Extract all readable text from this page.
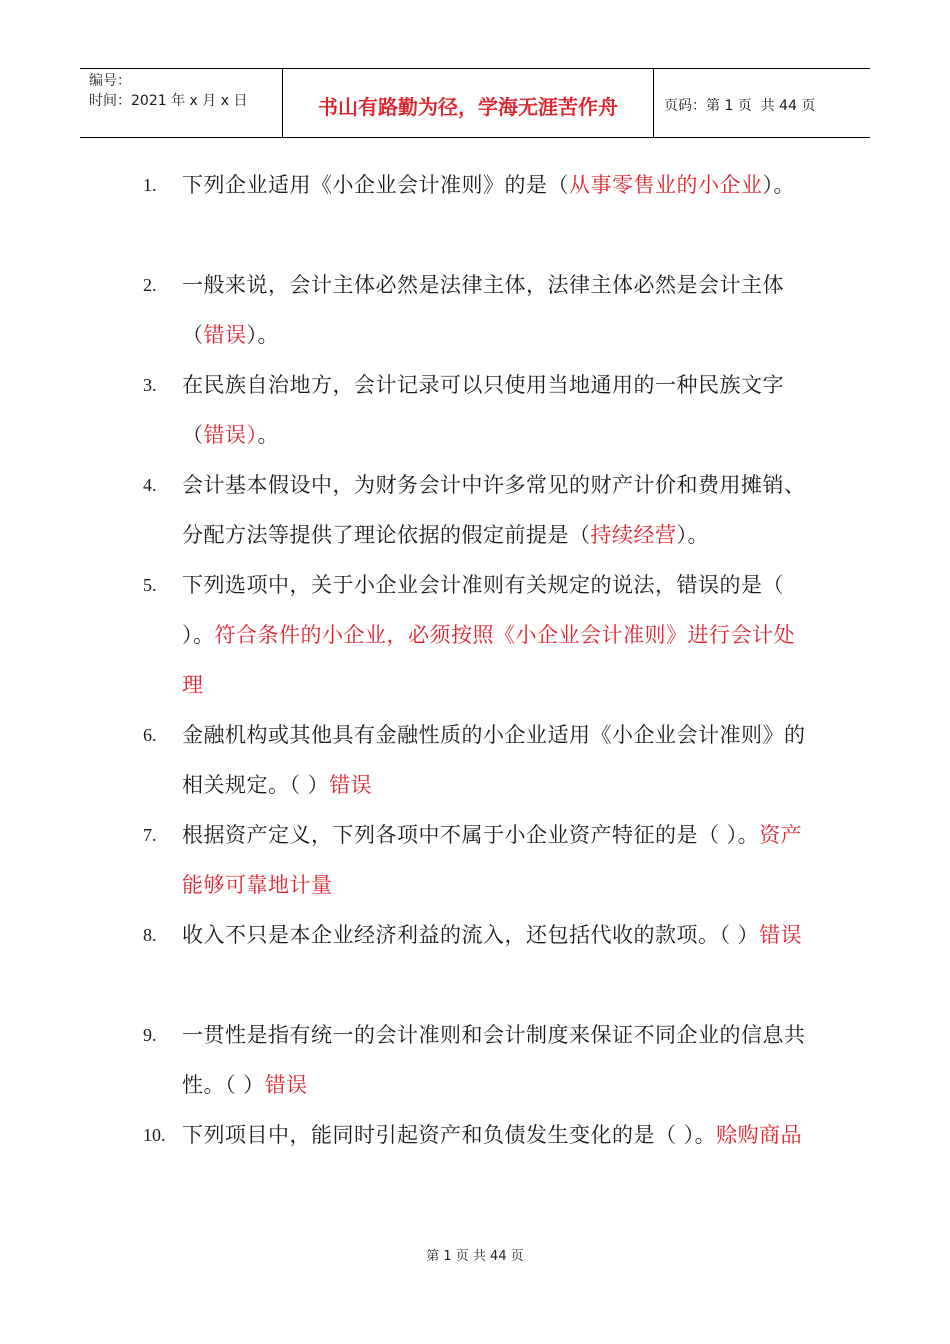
编号：
时间：2021 年 x 月 x 日	书山有路勤为径，学海无涯苦作舟	页码：第 1 页  共 44 页
1.	下列企业适用《小企业会计准则》的是（从事零售业的小企业）。
2.	一般来说，会计主体必然是法律主体，法律主体必然是会计主体（错误）。
3.	在民族自治地方，会计记录可以只使用当地通用的一种民族文字（错误）。
4.	会计基本假设中，为财务会计中许多常见的财产计价和费用摊销、分配方法等提供了理论依据的假定前提是（持续经营）。
5.	下列选项中，关于小企业会计准则有关规定的说法，错误的是（ ）。符合条件的小企业，必须按照《小企业会计准则》进行会计处理
6.	金融机构或其他具有金融性质的小企业适用《小企业会计准则》的相关规定。（ ）错误
7.	根据资产定义，下列各项中不属于小企业资产特征的是（ ）。资产能够可靠地计量
8.	收入不只是本企业经济利益的流入，还包括代收的款项。（ ）错误
9.	一贯性是指有统一的会计准则和会计制度来保证不同企业的信息共性。（ ）错误
10. 下列项目中，能同时引起资产和负债发生变化的是（ ）。赊购商品
第 1 页 共 44 页
